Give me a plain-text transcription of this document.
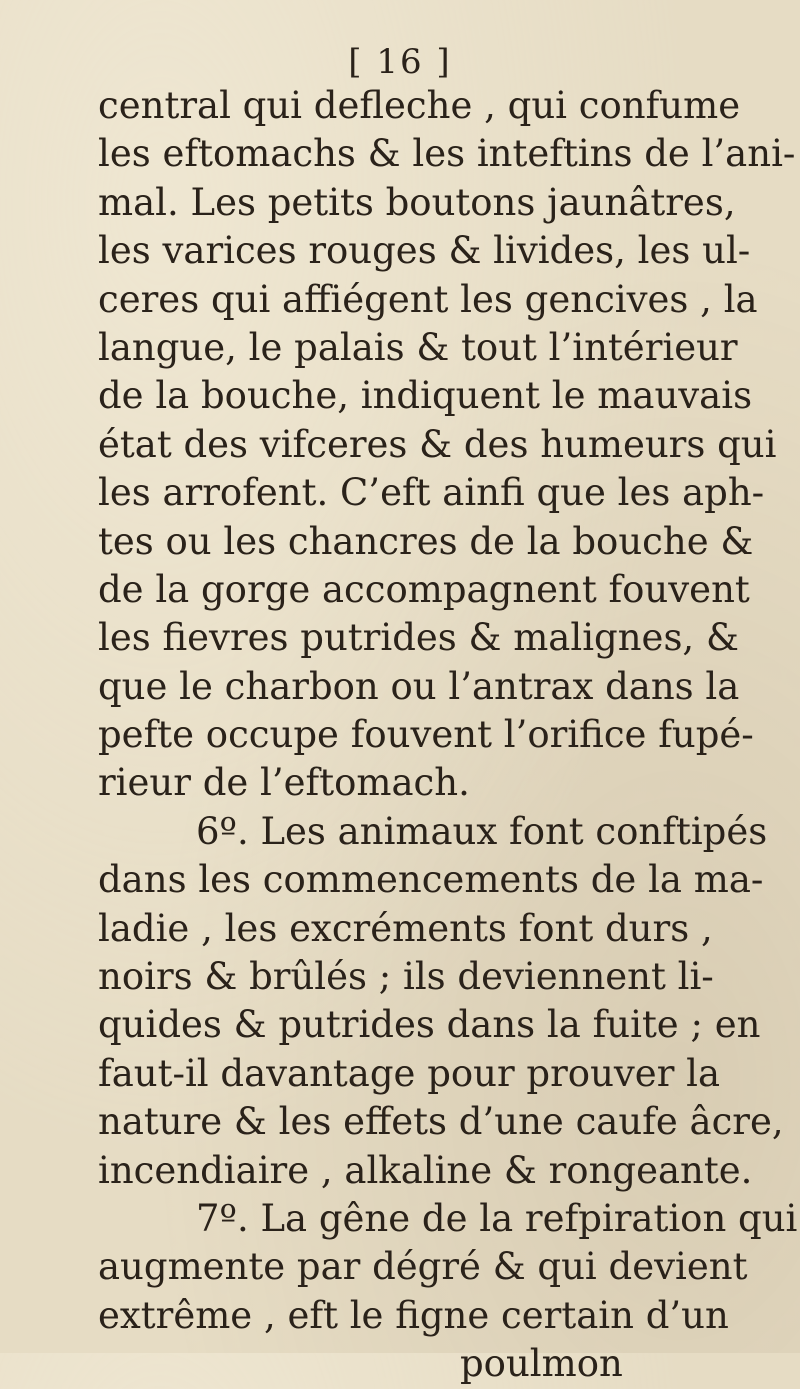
[ 16 ]
central qui defleche , qui confume
les eftomachs & les inteftins de l’ani-
mal. Les petits boutons jaunâtres,
les varices rouges & livides, les ul-
ceres qui affiégent les gencives , la
langue, le palais & tout l’intérieur
de la bouche, indiquent le mauvais
état des vifceres & des humeurs qui
les arrofent. C’eft ainfi que les aph-
tes ou les chancres de la bouche &
de la gorge accompagnent fouvent
les fievres putrides & malignes, &
que le charbon ou l’antrax dans la
pefte occupe fouvent l’orifice fupé-
rieur de l’eftomach.
6º. Les animaux font conftipés
dans les commencements de la ma-
ladie , les excréments font durs ,
noirs & brûlés ; ils deviennent li-
quides & putrides dans la fuite ; en
faut-il davantage pour prouver la
nature & les effets d’une caufe âcre,
incendiaire , alkaline & rongeante.
7º. La gêne de la refpiration qui
augmente par dégré & qui devient
extrême , eft le figne certain d’un
poulmon
